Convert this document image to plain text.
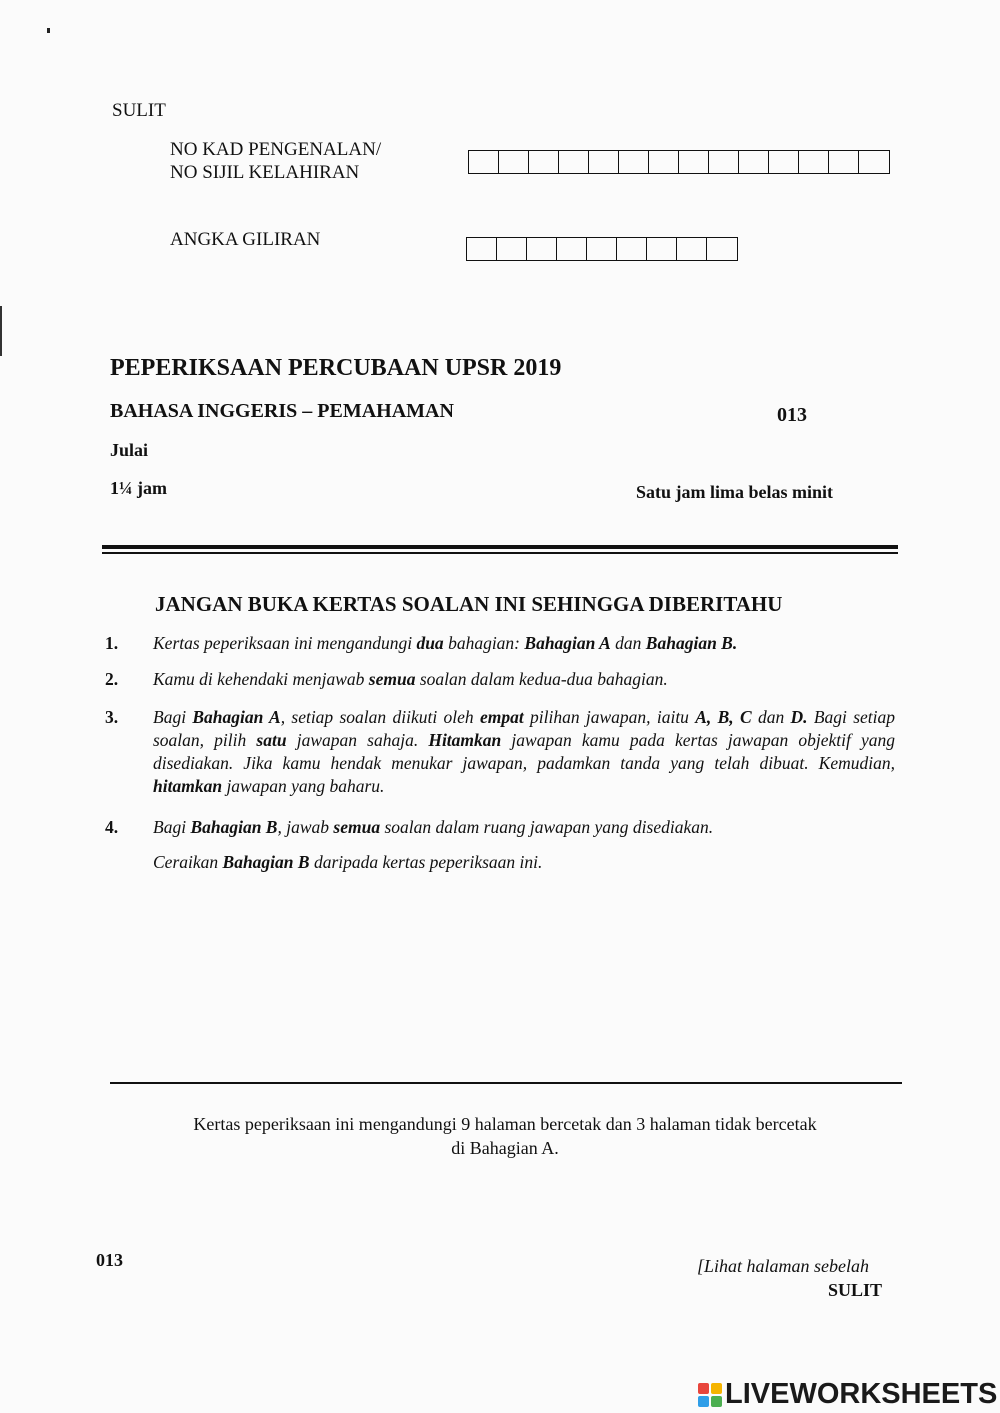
SULIT
NO KAD PENGENALAN/
NO SIJIL KELAHIRAN
ANGKA GILIRAN
PEPERIKSAAN PERCUBAAN UPSR 2019
BAHASA INGGERIS – PEMAHAMAN	013
Julai
1¼ jam	Satu jam lima belas minit
JANGAN BUKA KERTAS SOALAN INI SEHINGGA DIBERITAHU
1. Kertas peperiksaan ini mengandungi dua bahagian: Bahagian A dan Bahagian B.
2. Kamu di kehendaki menjawab semua soalan dalam kedua-dua bahagian.
3. Bagi Bahagian A, setiap soalan diikuti oleh empat pilihan jawapan, iaitu A, B, C dan D. Bagi setiap soalan, pilih satu jawapan sahaja. Hitamkan jawapan kamu pada kertas jawapan objektif yang disediakan. Jika kamu hendak menukar jawapan, padamkan tanda yang telah dibuat. Kemudian, hitamkan jawapan yang baharu.
4. Bagi Bahagian B, jawab semua soalan dalam ruang jawapan yang disediakan.
Ceraikan Bahagian B daripada kertas peperiksaan ini.
Kertas peperiksaan ini mengandungi 9 halaman bercetak dan 3 halaman tidak bercetak
di Bahagian A.
013	[Lihat halaman sebelah
SULIT
LIVEWORKSHEETS
